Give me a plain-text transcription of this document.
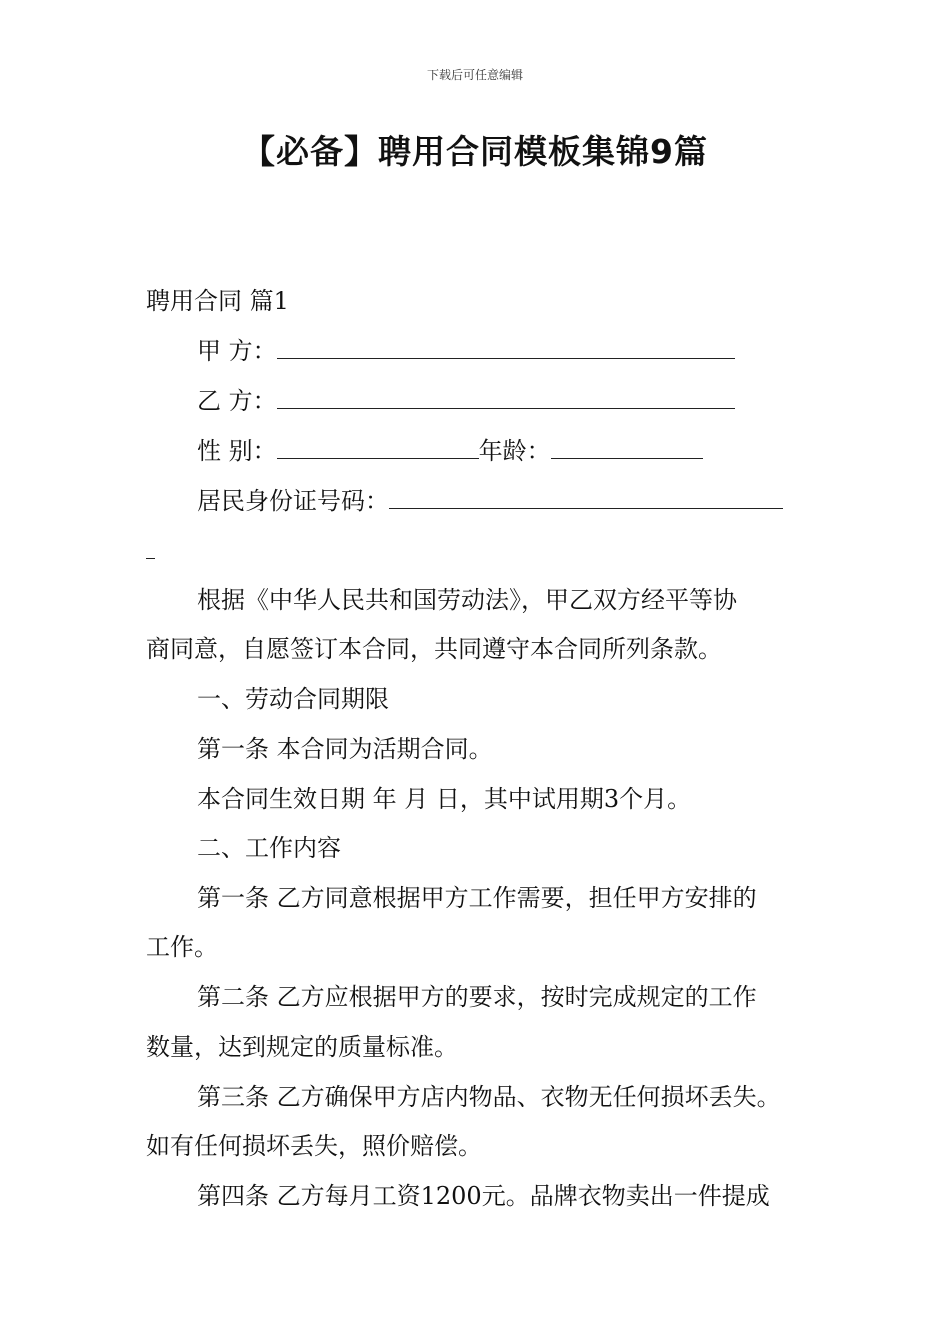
下载后可任意编辑
【必备】聘用合同模板集锦9篇
聘用合同 篇1
甲 方：
乙 方：
性 别：	年龄：
居民身份证号码：
根据《中华人民共和国劳动法》，甲乙双方经平等协
商同意，自愿签订本合同，共同遵守本合同所列条款。
一、劳动合同期限
第一条 本合同为活期合同。
本合同生效日期 年 月 日，其中试用期3个月。
二、工作内容
第一条 乙方同意根据甲方工作需要，担任甲方安排的
工作。
第二条 乙方应根据甲方的要求，按时完成规定的工作
数量，达到规定的质量标准。
第三条 乙方确保甲方店内物品、衣物无任何损坏丢失。
如有任何损坏丢失，照价赔偿。
第四条 乙方每月工资1200元。品牌衣物卖出一件提成
